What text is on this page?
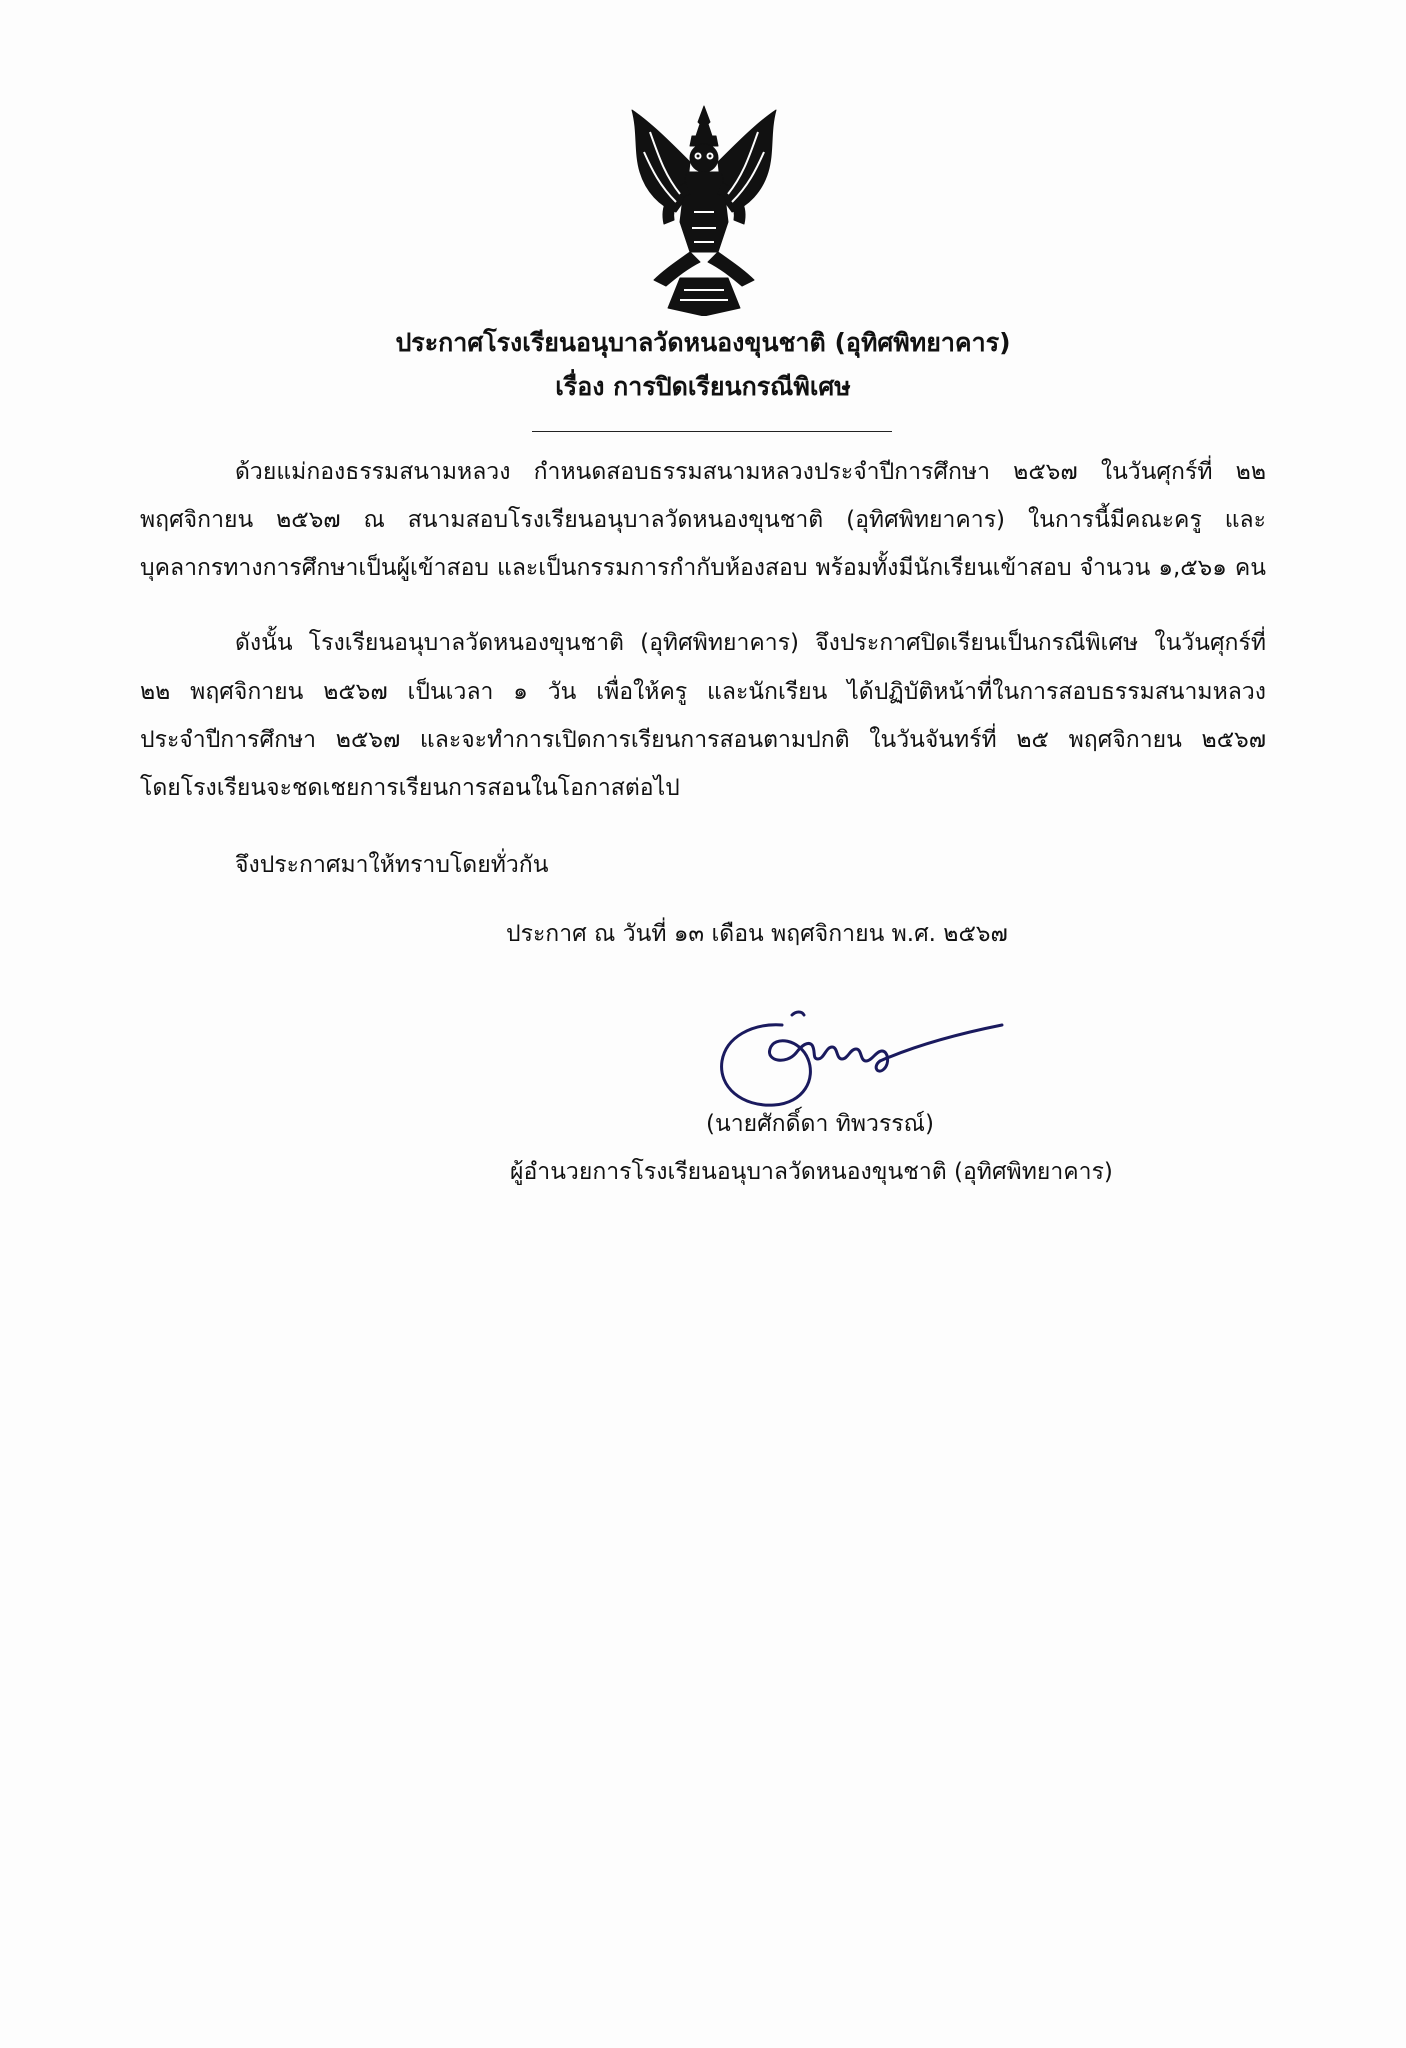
ประกาศโรงเรียนอนุบาลวัดหนองขุนชาติ (อุทิศพิทยาคาร)
เรื่อง การปิดเรียนกรณีพิเศษ
ด้วยแม่กองธรรมสนามหลวง กำหนดสอบธรรมสนามหลวงประจำปีการศึกษา ๒๕๖๗ ในวันศุกร์ที่ ๒๒
พฤศจิกายน ๒๕๖๗ ณ สนามสอบโรงเรียนอนุบาลวัดหนองขุนชาติ (อุทิศพิทยาคาร) ในการนี้มีคณะครู และ
บุคลากรทางการศึกษาเป็นผู้เข้าสอบ และเป็นกรรมการกำกับห้องสอบ พร้อมทั้งมีนักเรียนเข้าสอบ จำนวน ๑,๕๖๑ คน
ดังนั้น โรงเรียนอนุบาลวัดหนองขุนชาติ (อุทิศพิทยาคาร) จึงประกาศปิดเรียนเป็นกรณีพิเศษ ในวันศุกร์ที่
๒๒ พฤศจิกายน ๒๕๖๗ เป็นเวลา ๑ วัน เพื่อให้ครู และนักเรียน ได้ปฏิบัติหน้าที่ในการสอบธรรมสนามหลวง
ประจำปีการศึกษา ๒๕๖๗ และจะทำการเปิดการเรียนการสอนตามปกติ ในวันจันทร์ที่ ๒๕ พฤศจิกายน ๒๕๖๗
โดยโรงเรียนจะชดเชยการเรียนการสอนในโอกาสต่อไป
จึงประกาศมาให้ทราบโดยทั่วกัน
ประกาศ ณ วันที่ ๑๓ เดือน พฤศจิกายน พ.ศ. ๒๕๖๗
(นายศักดิ์ดา ทิพวรรณ์)
ผู้อำนวยการโรงเรียนอนุบาลวัดหนองขุนชาติ (อุทิศพิทยาคาร)
